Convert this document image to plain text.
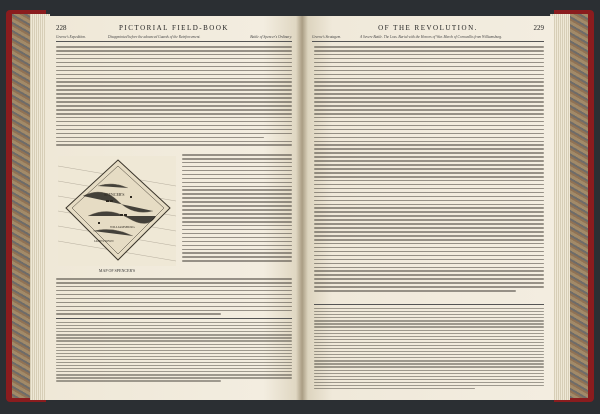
228	PICTORIAL FIELD-BOOK
Greene's Expedition.	Disappointed before the advanced Guards of the Reinforcement.	Battle of Spencer's Ordinary.
SPENCER'S
WILLIAMSBURG
JAMESTOWN
MAP OF SPENCER'S
OF THE REVOLUTION.	229
Greene's Stratagem.	A Severe Battle. The Loss. Burial with the Honors of War. March of Cornwallis from Williamsburg.
